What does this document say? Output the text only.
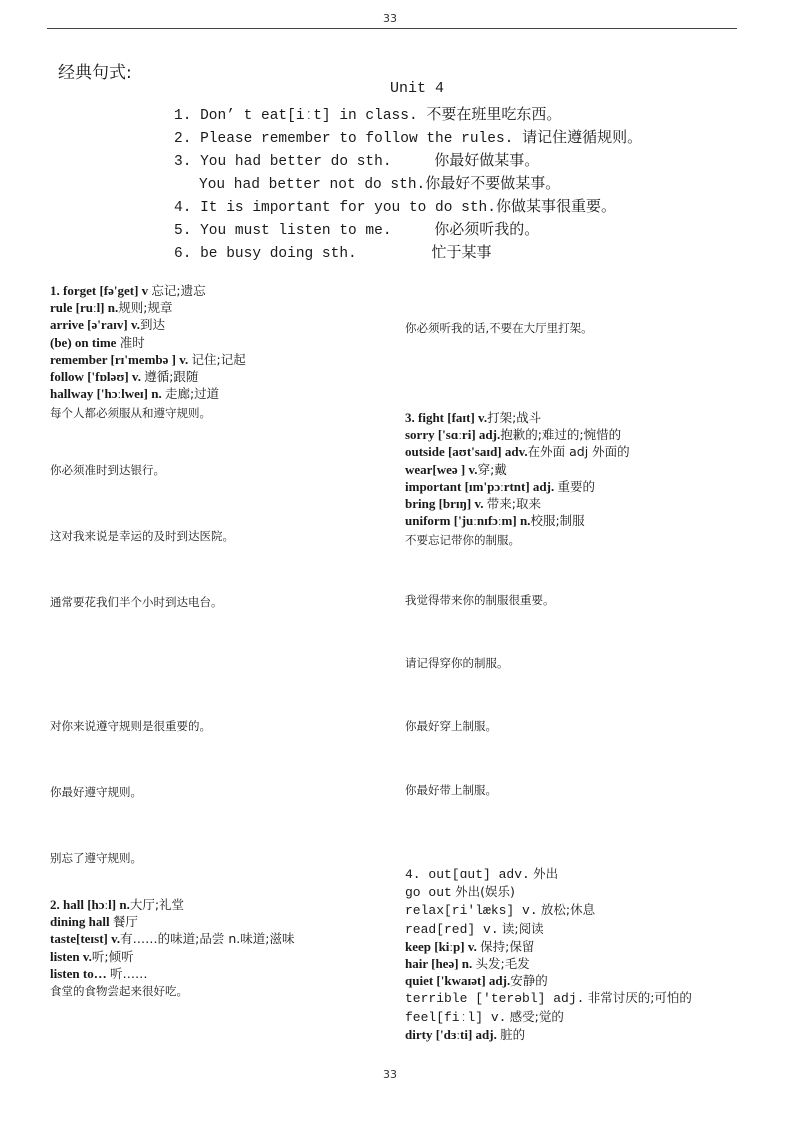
33
经典句式:
Unit 4
1. Don’ t eat[iːt] in class. 不要在班里吃东西。
2. Please remember to follow the rules. 请记住遵循规则。
3. You had better do sth.	你最好做某事。
You had better not do sth.你最好不要做某事。
4. It is important for you to do sth.你做某事很重要。
5. You must listen to me.	你必须听我的。
6. be busy doing sth.	忙于某事
1. forget [fə'get] v 忘记;遗忘
rule [ruːl] n.规则;规章
arrive [ə'raɪv] v.到达
(be) on time 准时
remember [rɪ'membə ] v. 记住;记起
follow ['fɒləʊ] v. 遵循;跟随
hallway ['hɔːlweɪ] n. 走廊;过道
每个人都必须服从和遵守规则。
你必须准时到达银行。
这对我来说是幸运的及时到达医院。
通常要花我们半个小时到达电台。
对你来说遵守规则是很重要的。
你最好遵守规则。
别忘了遵守规则。
你必须听我的话,不要在大厅里打架。
3. fight [faɪt] v.打架;战斗
sorry ['sɑːri] adj.抱歉的;难过的;惋惜的
outside [aʊt'saɪd] adv.在外面 adj 外面的
wear[weə ] v.穿;戴
important [ɪm'pɔːrtnt] adj. 重要的
bring [brɪŋ] v. 带来;取来
uniform ['juːnɪfɔːm] n.校服;制服
不要忘记带你的制服。
我觉得带来你的制服很重要。
请记得穿你的制服。
你最好穿上制服。
你最好带上制服。
2. hall [hɔːl] n.大厅;礼堂
dining hall 餐厅
taste[teɪst] v.有……的味道;品尝 n.味道;滋味
listen v.听;倾听
listen to… 听……
食堂的食物尝起来很好吃。
4. out[ɑut] adv. 外出
go out 外出(娱乐)
relax[ri'læks] v. 放松;休息
read[red] v. 读;阅读
keep [kiːp] v. 保持;保留
hair [heə] n. 头发;毛发
quiet ['kwaɪət] adj.安静的
terrible ['terəbl] adj. 非常讨厌的;可怕的
feel[fiːl] v. 感受;觉的
dirty ['dɜːti] adj. 脏的
33
